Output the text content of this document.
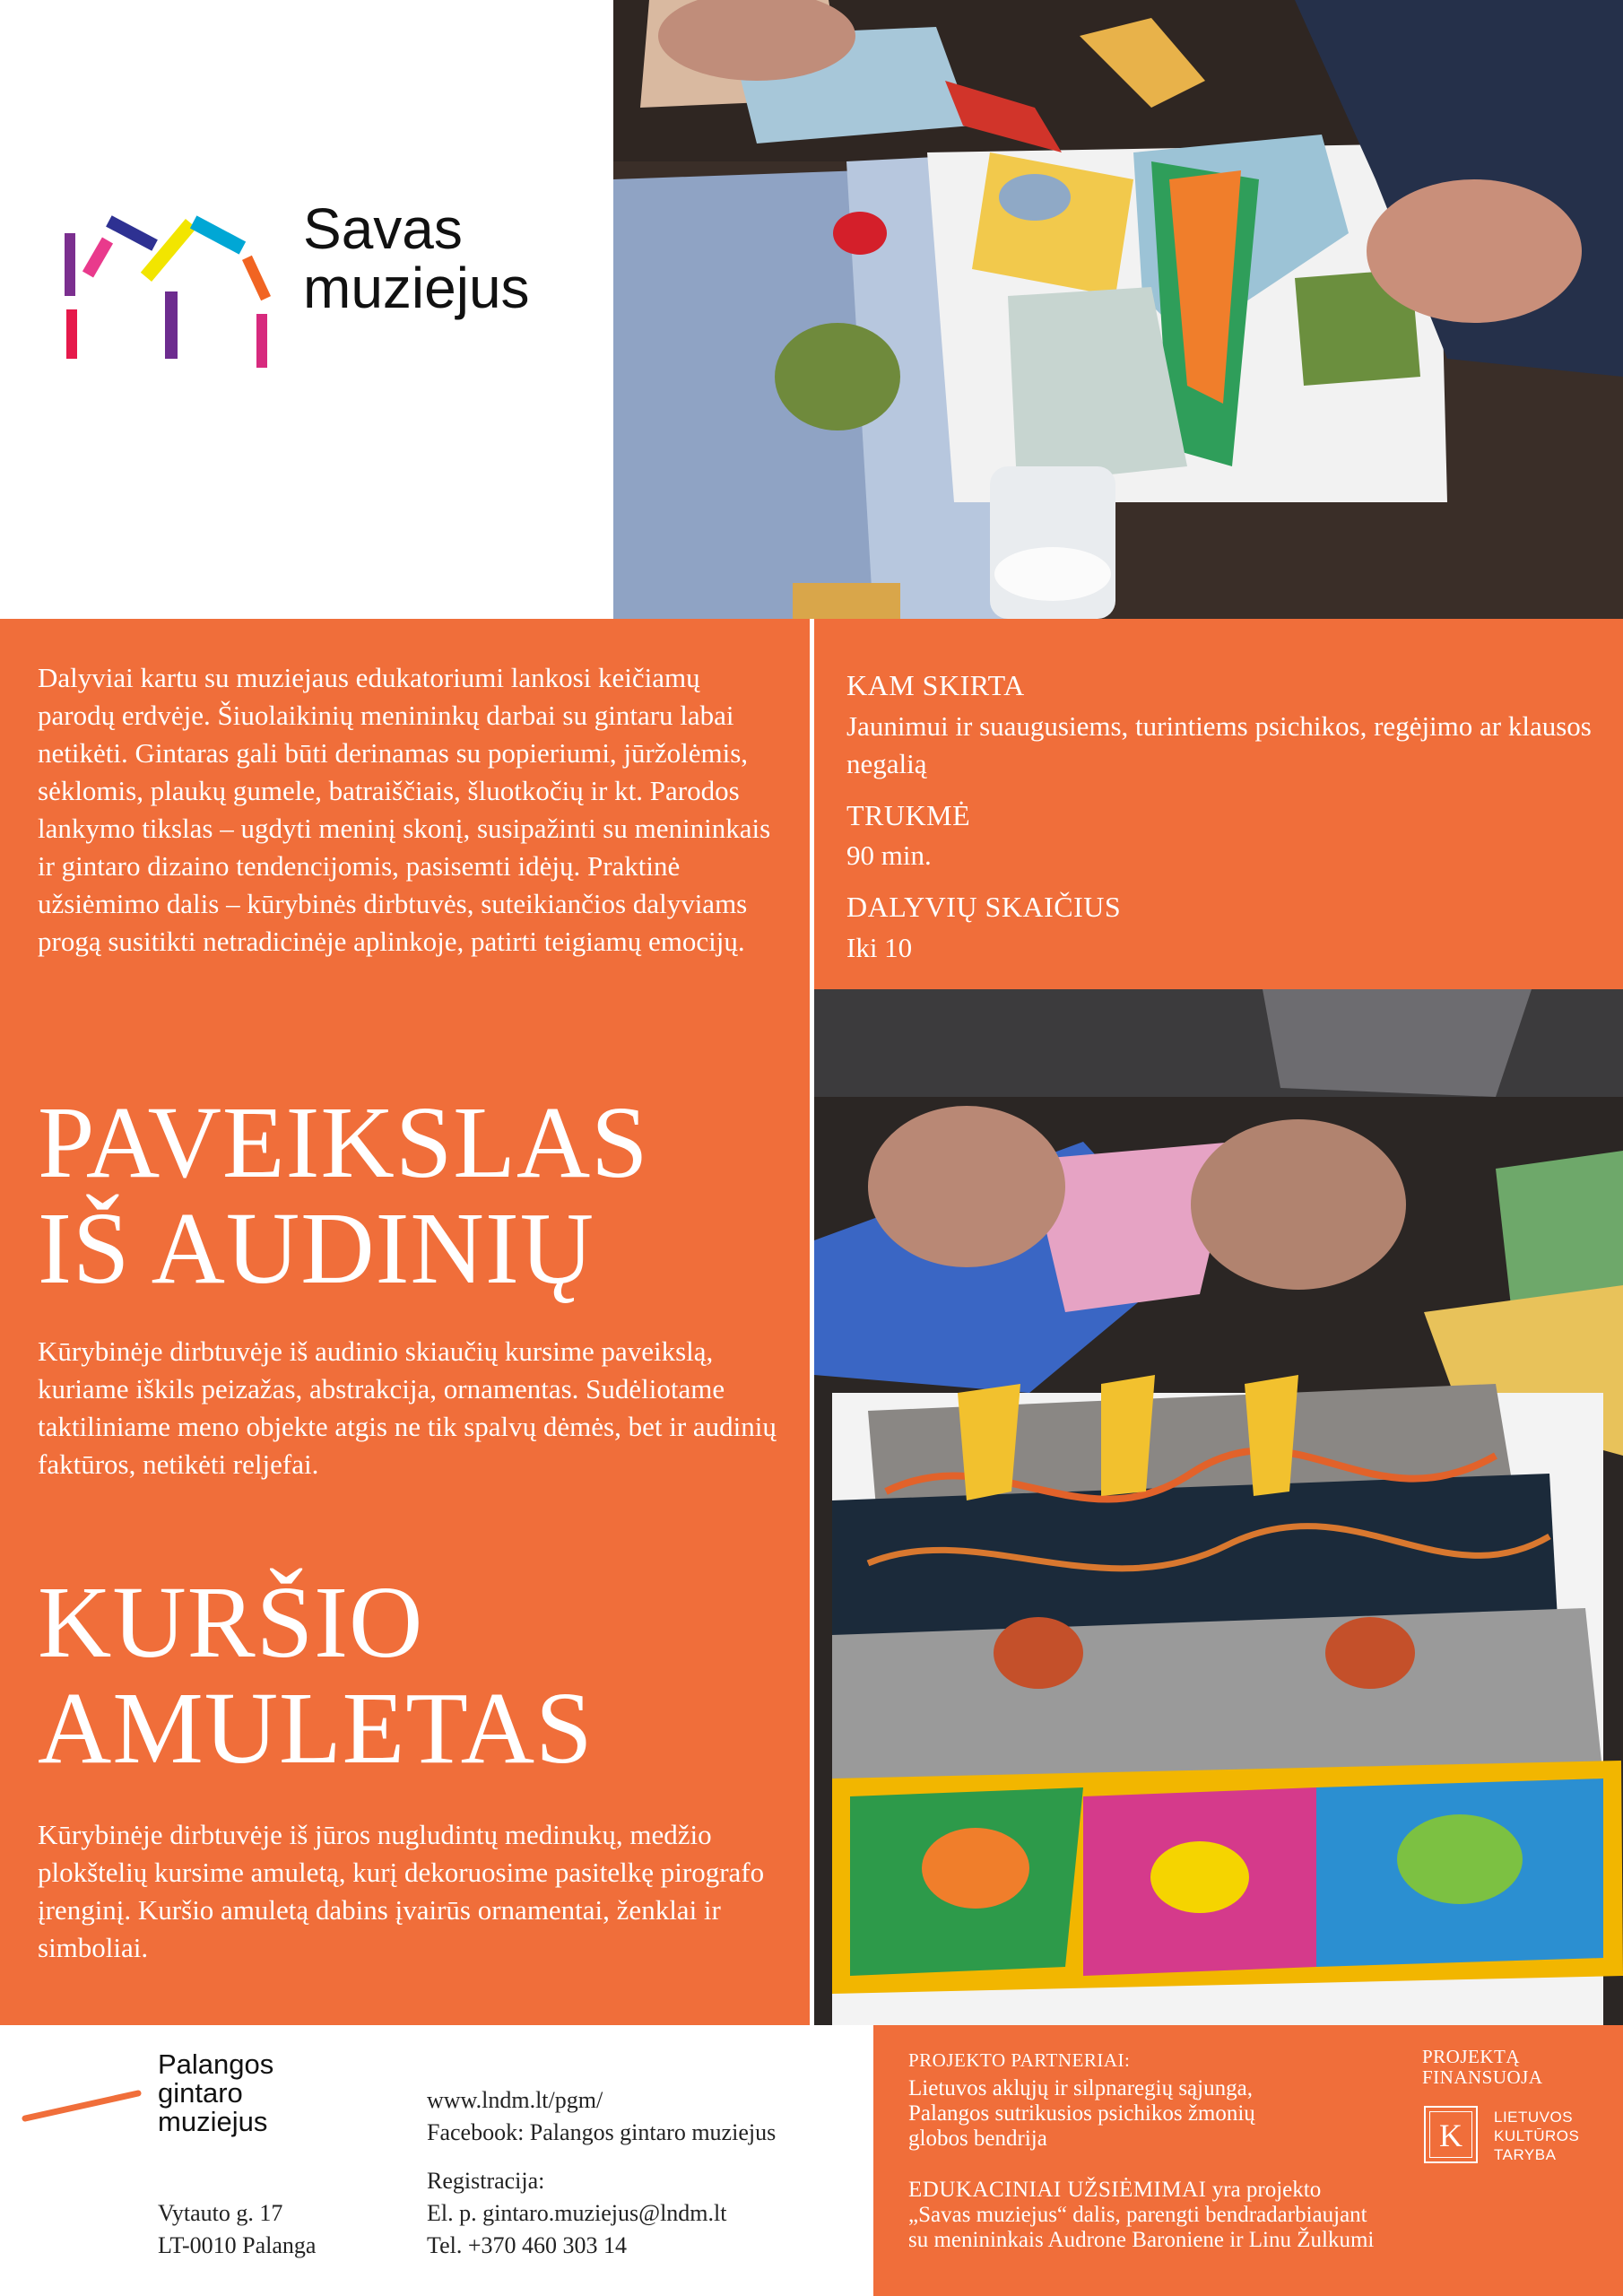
Savas
muziejus
Dalyviai kartu su muziejaus edukatoriumi lankosi keičiamų parodų erdvėje. Šiuolaikinių menininkų darbai su gintaru labai netikėti. Gintaras gali būti derinamas su popieriumi, jūržolėmis, sėklomis, plaukų gumele, batraiščiais, šluotkočių ir kt. Parodos lankymo tikslas – ugdyti meninį skonį, susipažinti su menininkais ir gintaro dizaino tendencijomis, pasisemti idėjų. Praktinė užsiėmimo dalis – kūrybinės dirbtuvės, suteikiančios dalyviams progą susitikti netradicinėje aplinkoje, patirti teigiamų emocijų.
PAVEIKSLAS
IŠ AUDINIŲ
Kūrybinėje dirbtuvėje iš audinio skiaučių kursime paveikslą, kuriame iškils peizažas, abstrakcija, ornamentas. Sudėliotame taktiliniame meno objekte atgis ne tik spalvų dėmės, bet ir audinių faktūros, netikėti reljefai.
KURŠIO
AMULETAS
Kūrybinėje dirbtuvėje iš jūros nugludintų medinukų, medžio plokštelių kursime amuletą, kurį dekoruosime pasitelkę pirografo įrenginį. Kuršio amuletą dabins įvairūs ornamentai, ženklai ir simboliai.
KAM SKIRTA
Jaunimui ir suaugusiems, turintiems psichikos, regėjimo ar klausos negalią
TRUKMĖ
90 min.
DALYVIŲ SKAIČIUS
Iki 10
Palangos
gintaro
muziejus
Vytauto g. 17
LT-0010 Palanga
www.lndm.lt/pgm/
Facebook: Palangos gintaro muziejus
Registracija:
El. p. gintaro.muziejus@lndm.lt
Tel. +370 460 303 14
PROJEKTO PARTNERIAI:
Lietuvos aklųjų ir silpnaregių sąjunga,
Palangos sutrikusios psichikos žmonių
globos bendrija
EDUKACINIAI UŽSIĖMIMAI yra projekto
„Savas muziejus“ dalis, parengti bendradarbiaujant
su menininkais Audrone Baroniene ir Linu Žulkumi
PROJEKTĄ
FINANSUOJA
K
LIETUVOS
KULTŪROS
TARYBA
